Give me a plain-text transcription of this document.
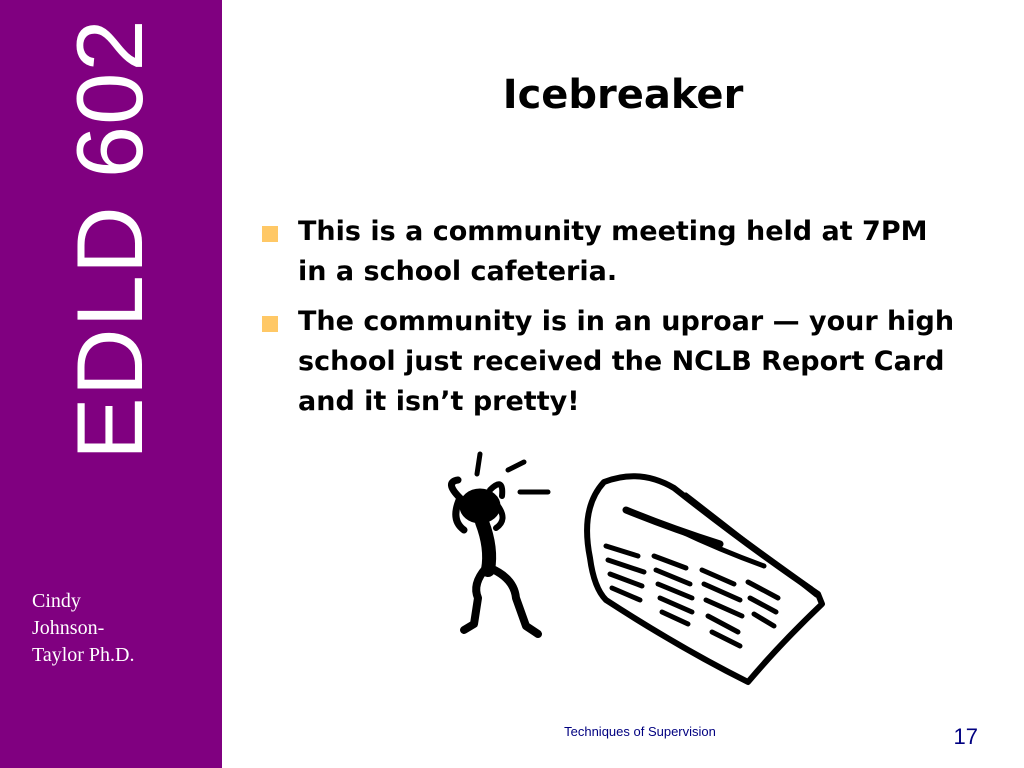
EDLD 602
Cindy
Johnson-
Taylor Ph.D.
Icebreaker
This is a community meeting held at 7PM in a school cafeteria.
The community is in an uproar — your high school just received the NCLB Report Card and it isn’t pretty!
Techniques of Supervision	17
